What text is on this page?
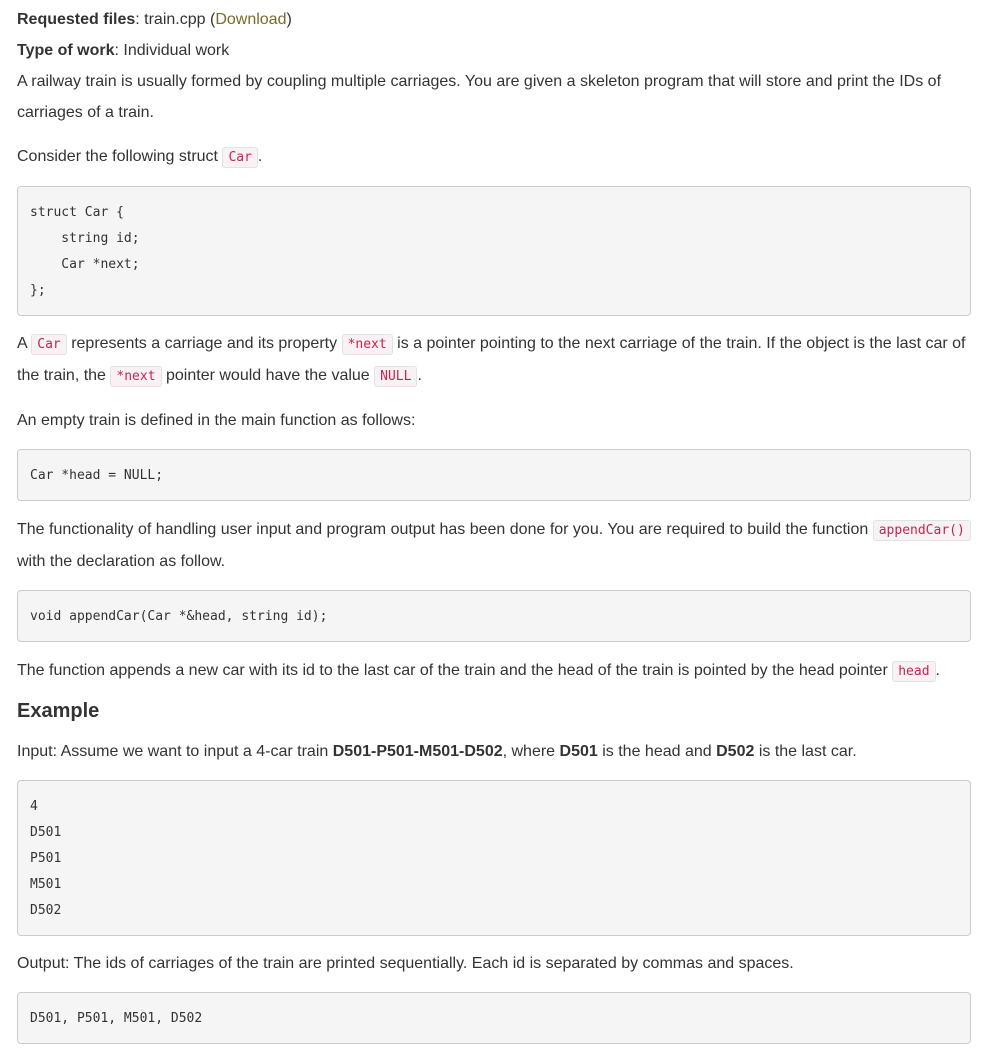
Requested files: train.cpp (Download)

Type of work: Individual work

A railway train is usually formed by coupling multiple carriages. You are given a skeleton program that will store and print the IDs of carriages of a train.

Consider the following struct Car .

struct Car {
string id;
Car *next;
};

A Car represents a carriage and its property *next is a pointer pointing to the next carriage of the train. If the object is the last car of the train, the *next pointer would have the value NULL .

An empty train is defined in the main function as follows:

Car *head = NULL;

The functionality of handling user input and program output has been done for you. You are required to build the function appendCar() with the declaration as follow.

void appendCar(Car *&head, string id);

The function appends a new car with its id to the last car of the train and the head of the train is pointed by the head pointer head .

Example

Input: Assume we want to input a 4-car train D501-P501-M501-D502, where D501 is the head and D502 is the last car.

4
D501
P501
M501
D502

Output: The ids of carriages of the train are printed sequentially. Each id is separated by commas and spaces.

D501, P501, M501, D502
